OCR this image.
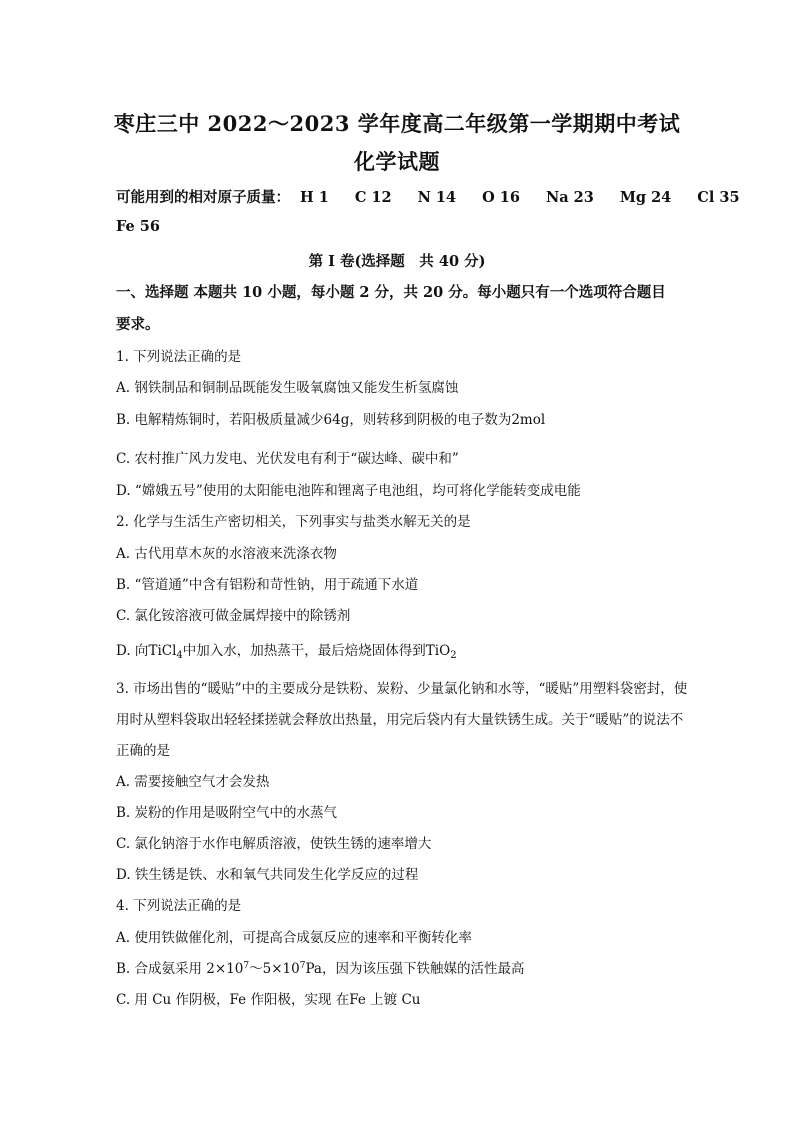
枣庄三中 2022～2023 学年度高二年级第一学期期中考试
化学试题
可能用到的相对原子质量： H 1 C 12 N 14 O 16 Na 23 Mg 24 Cl 35
Fe 56
第 I 卷(选择题　共 40 分)
一、选择题 本题共 10 小题，每小题 2 分，共 20 分。每小题只有一个选项符合题目
要求。
1. 下列说法正确的是
A. 钢铁制品和铜制品既能发生吸氧腐蚀又能发生析氢腐蚀
B. 电解精炼铜时，若阳极质量减少64g，则转移到阴极的电子数为2mol
C. 农村推广风力发电、光伏发电有利于“碳达峰、碳中和”
D. “嫦娥五号”使用的太阳能电池阵和锂离子电池组，均可将化学能转变成电能
2. 化学与生活生产密切相关，下列事实与盐类水解无关的是
A. 古代用草木灰的水溶液来洗涤衣物
B. “管道通”中含有铝粉和苛性钠，用于疏通下水道
C. 氯化铵溶液可做金属焊接中的除锈剂
D. 向TiCl$_4$中加入水，加热蒸干，最后焙烧固体得到TiO$_2$
3. 市场出售的“暖贴”中的主要成分是铁粉、炭粉、少量氯化钠和水等，“暖贴”用塑料袋密封，使
用时从塑料袋取出轻轻揉搓就会释放出热量，用完后袋内有大量铁锈生成。关于“暖贴”的说法不
正确的是
A. 需要接触空气才会发热
B. 炭粉的作用是吸附空气中的水蒸气
C. 氯化钠溶于水作电解质溶液，使铁生锈的速率增大
D. 铁生锈是铁、水和氧气共同发生化学反应的过程
4. 下列说法正确的是
A. 使用铁做催化剂，可提高合成氨反应的速率和平衡转化率
B. 合成氨采用 $2\times 10^7\sim 5\times 10^7Pa$，因为该压强下铁触媒的活性最高
C. 用 Cu 作阴极，Fe 作阳极，实现 在Fe 上镀 Cu
